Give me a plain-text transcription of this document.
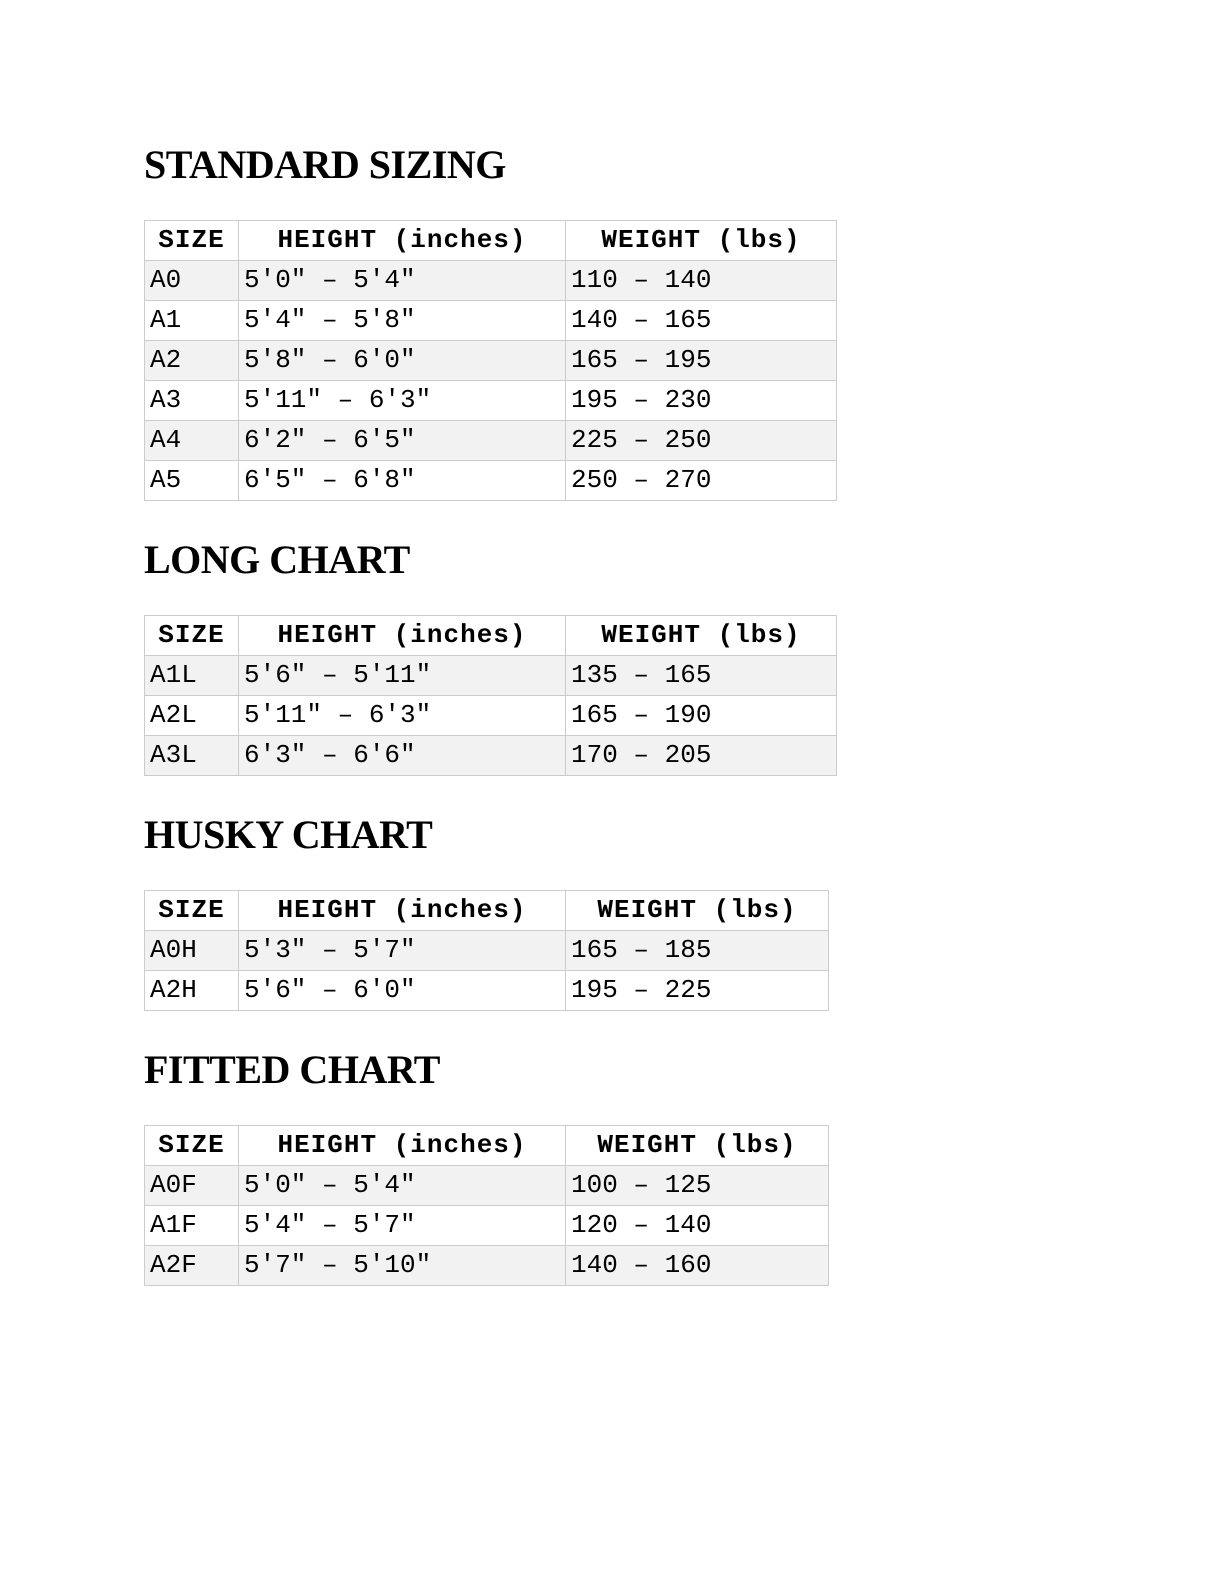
STANDARD SIZING
SIZE	HEIGHT (inches)	WEIGHT (lbs)
A0	5'0" – 5'4"	110 – 140
A1	5'4" – 5'8"	140 – 165
A2	5'8" – 6'0"	165 – 195
A3	5'11" – 6'3"	195 – 230
A4	6'2" – 6'5"	225 – 250
A5	6'5" – 6'8"	250 – 270
LONG CHART
SIZE	HEIGHT (inches)	WEIGHT (lbs)
A1L	5'6" – 5'11"	135 – 165
A2L	5'11" – 6'3"	165 – 190
A3L	6'3" – 6'6"	170 – 205
HUSKY CHART
SIZE	HEIGHT (inches)	WEIGHT (lbs)
A0H	5'3" – 5'7"	165 – 185
A2H	5'6" – 6'0"	195 – 225
FITTED CHART
SIZE	HEIGHT (inches)	WEIGHT (lbs)
A0F	5'0" – 5'4"	100 – 125
A1F	5'4" – 5'7"	120 – 140
A2F	5'7" – 5'10"	140 – 160
